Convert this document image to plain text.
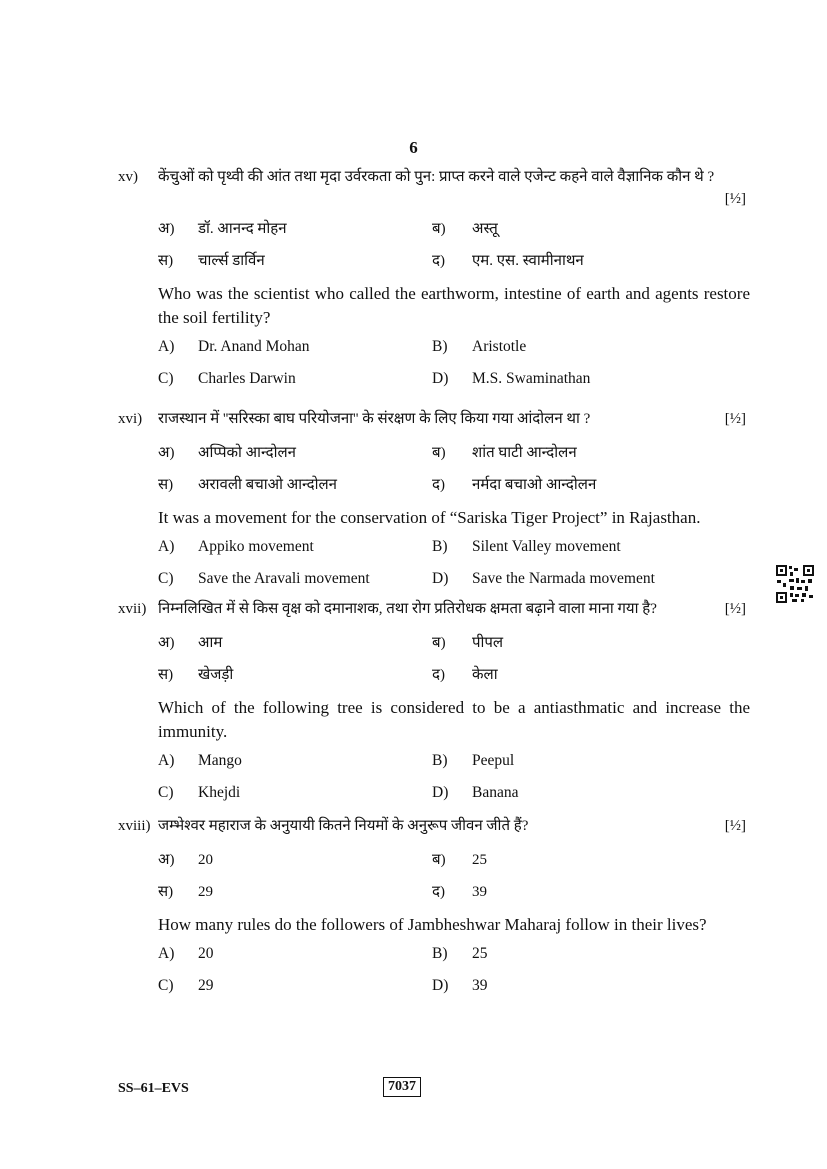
6
xv) केंचुओं को पृथ्वी की आंत तथा मृदा उर्वरकता को पुन: प्राप्त करने वाले एजेन्ट कहने वाले वैज्ञानिक कौन थे ?
[½]
अ) डॉ. आनन्द मोहन	ब) अस्तू
स) चार्ल्स डार्विन	द) एम. एस. स्वामीनाथन
Who was the scientist who called the earthworm, intestine of earth and agents restore the soil fertility?
A) Dr. Anand Mohan	B) Aristotle
C) Charles Darwin	D) M.S. Swaminathan
xvi) राजस्थान में ''सरिस्का बाघ परियोजना'' के संरक्षण के लिए किया गया आंदोलन था ?	[½]
अ) अप्पिको आन्दोलन	ब) शांत घाटी आन्दोलन
स) अरावली बचाओ आन्दोलन	द) नर्मदा बचाओ आन्दोलन
It was a movement for the conservation of “Sariska Tiger Project” in Rajasthan.
A) Appiko movement	B) Silent Valley movement
C) Save the Aravali movement	D) Save the Narmada movement
xvii) निम्नलिखित में से किस वृक्ष को दमानाशक, तथा रोग प्रतिरोधक क्षमता बढ़ाने वाला माना गया है?	[½]
अ) आम	ब) पीपल
स) खेजड़ी	द) केला
Which of the following tree is considered to be a antiasthmatic and increase the immunity.
A) Mango	B) Peepul
C) Khejdi	D) Banana
xviii) जम्भेश्वर महाराज के अनुयायी कितने नियमों के अनुरूप जीवन जीते हैं?	[½]
अ) 20	ब) 25
स) 29	द) 39
How many rules do the followers of Jambheshwar Maharaj follow in their lives?
A) 20	B) 25
C) 29	D) 39
SS–61–EVS	7037
